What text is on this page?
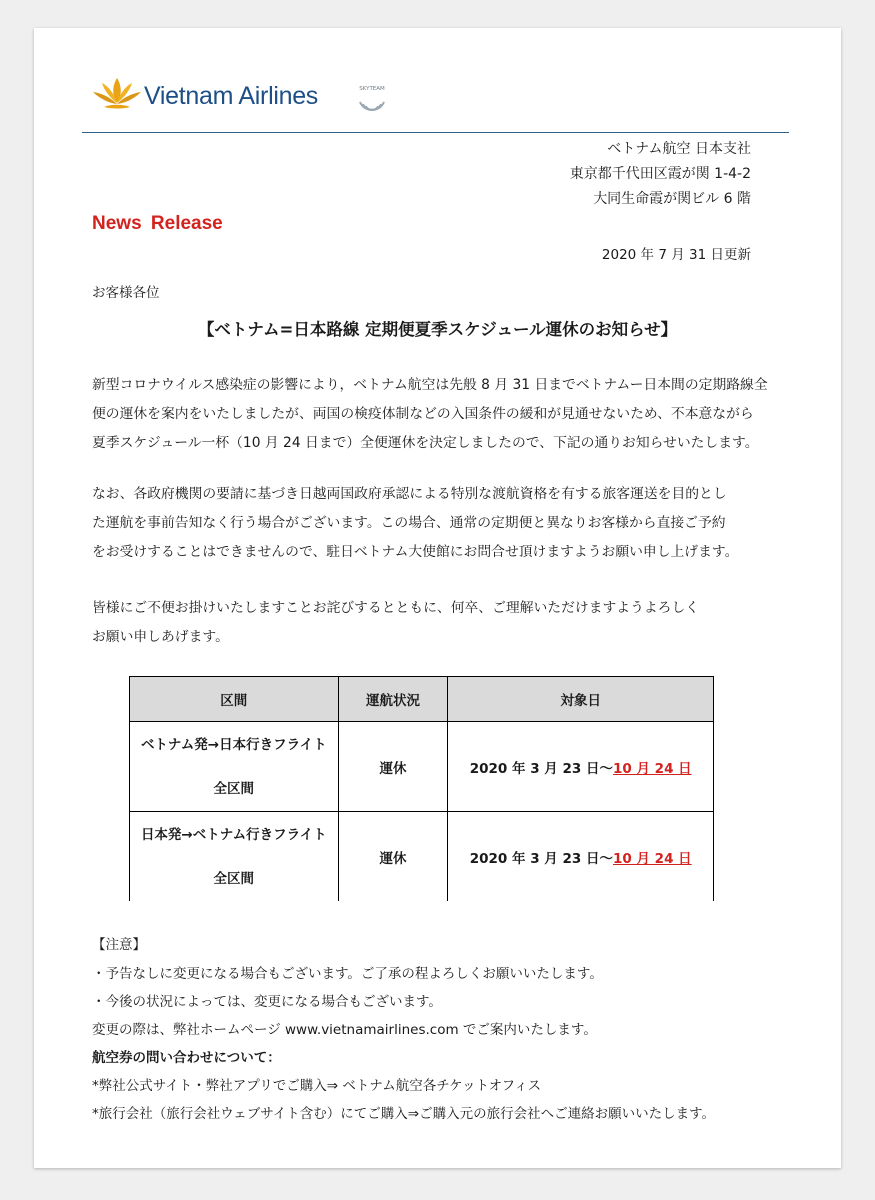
Vietnam Airlines	SKYTEAM
ベトナム航空 日本支社
東京都千代田区霞が関 1-4-2
大同生命霞が関ビル 6 階
News Release
2020 年 7 月 31 日更新
お客様各位
【ベトナム=日本路線 定期便夏季スケジュール運休のお知らせ】
新型コロナウイルス感染症の影響により，ベトナム航空は先般 8 月 31 日までベトナムー日本間の定期路線全
便の運休を案内をいたしましたが、両国の検疫体制などの入国条件の緩和が見通せないため、不本意ながら
夏季スケジュール一杯（10 月 24 日まで）全便運休を決定しましたので、下記の通りお知らせいたします。
なお、各政府機関の要請に基づき日越両国政府承認による特別な渡航資格を有する旅客運送を目的とし
た運航を事前告知なく行う場合がございます。この場合、通常の定期便と異なりお客様から直接ご予約
をお受けすることはできませんので、駐日ベトナム大使館にお問合せ頂けますようお願い申し上げます。
皆様にご不便お掛けいたしますことお詫びするとともに、何卒、ご理解いただけますようよろしく
お願い申しあげます。
区間	運航状況	対象日

ベトナム発→日本行きフライト
全区間	運休	2020 年 3 月 23 日〜10 月 24 日

日本発→ベトナム行きフライト
全区間	運休	2020 年 3 月 23 日〜10 月 24 日
【注意】
・予告なしに変更になる場合もございます。ご了承の程よろしくお願いいたします。
・今後の状況によっては、変更になる場合もございます。
変更の際は、弊社ホームページ www.vietnamairlines.com でご案内いたします。
航空券の問い合わせについて：
*弊社公式サイト・弊社アプリでご購入⇒ ベトナム航空各チケットオフィス
*旅行会社（旅行会社ウェブサイト含む）にてご購入⇒ご購入元の旅行会社へご連絡お願いいたします。
